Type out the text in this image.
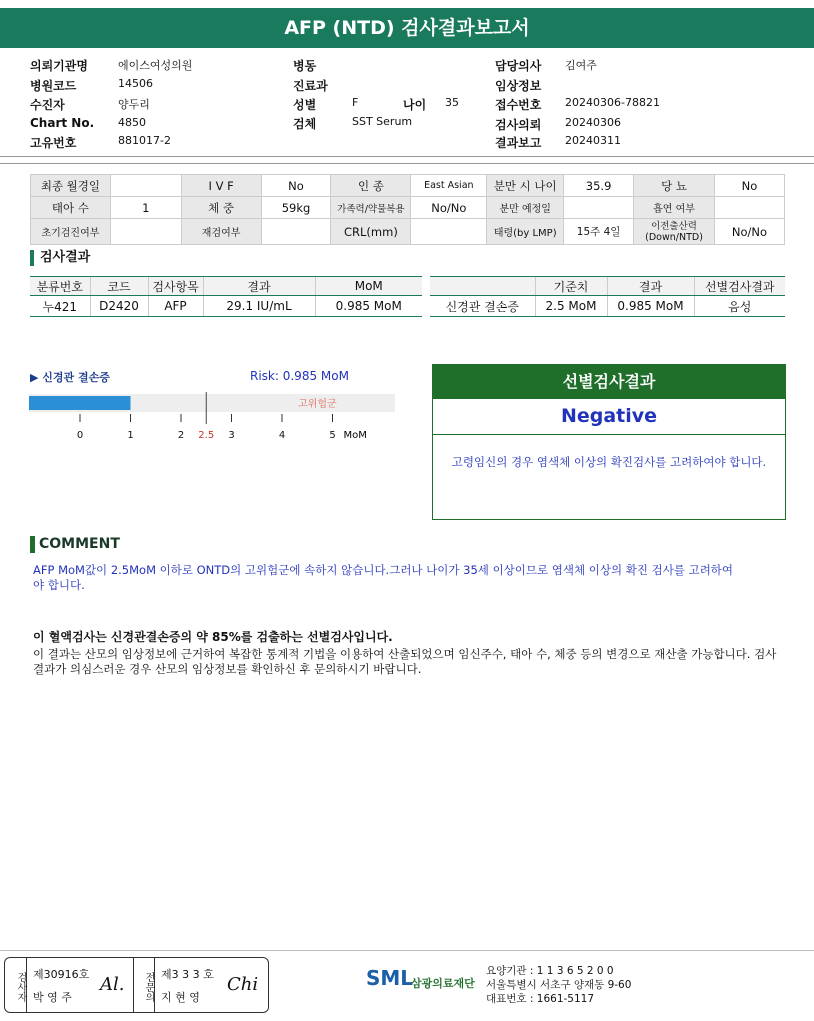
AFP (NTD) 검사결과보고서
의뢰기관명	에이스여성의원
병원코드	14506
수진자	양두리
Chart No. 4850
고유번호	881017-2
병동
진료과
성별	F	나이 35
검체	SST Serum
담당의사 김여주
임상정보
접수번호 20240306-78821
검사의뢰 20240306
결과보고 20240311
최종 월경일		I V F	No	인 종	East Asian	분만 시 나이	35.9	당 뇨	No
태아 수	1	체 중	59kg	가족력/약물복용	No/No	분만 예정일		흡연 여부	
초기검진여부		재검여부		CRL(mm)		태령(by LMP)	15주 4일	이전출산력 (Down/NTD)	No/No
검사결과
분류번호	코드	검사항목	결과	MoM
누421	D2420	AFP	29.1 IU/mL	0.985 MoM
	기준치	결과	선별검사결과
신경관 결손증	2.5 MoM	0.985 MoM	음성
▶ 신경관 결손증	Risk: 0.985 MoM
고위험군
0	1	2 2.5 3	4	5 MoM
선별검사결과
Negative
고령임신의 경우 염색체 이상의 확진검사를 고려하여야 합니다.
COMMENT
AFP MoM값이 2.5MoM 이하로 ONTD의 고위험군에 속하지 않습니다.그러나 나이가 35세 이상이므로 염색체 이상의 확진 검사를 고려하여야 합니다.
이 혈액검사는 신경관결손증의 약 85%를 검출하는 선별검사입니다.
이 결과는 산모의 임상정보에 근거하여 복잡한 통계적 기법을 이용하여 산출되었으며 임신주수, 태아 수, 체중 등의 변경으로 재산출 가능합니다. 검사 결과가 의심스러운 경우 산모의 임상정보를 확인하신 후 문의하시기 바랍니다.
검사자 제30916호
박 영 주
Al.	전문의 제3 3 3 호
지 현 영
Chi	SML
삼광의료재단
요양기관 : 1 1 3 6 5 2 0 0
서울특별시 서초구 양재동 9-60
대표번호 : 1661-5117
